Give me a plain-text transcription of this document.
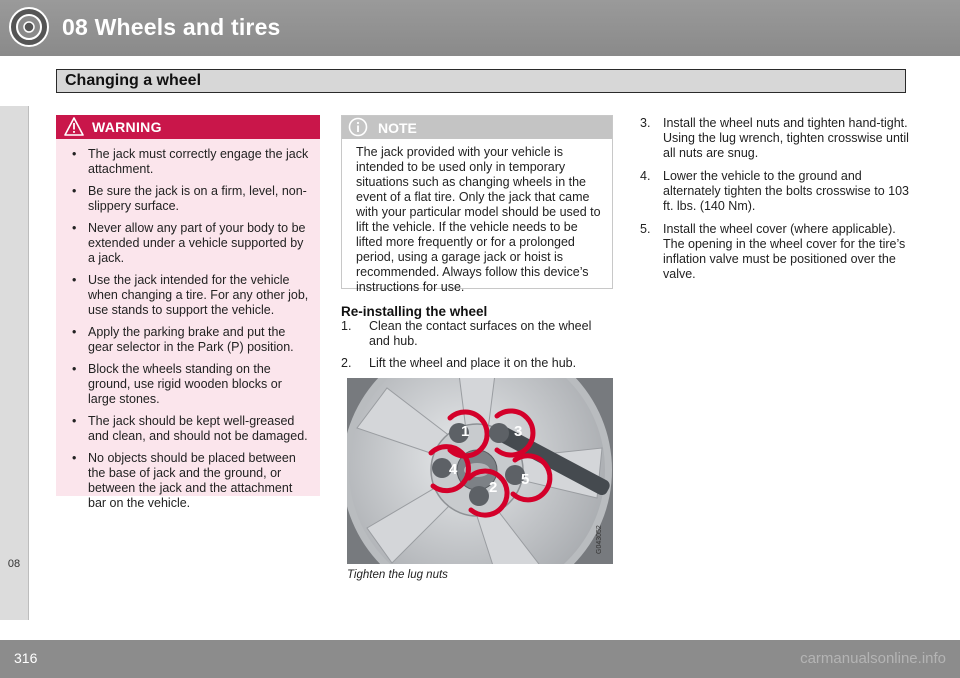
08 Wheels and tires
Changing a wheel
08
WARNING
• The jack must correctly engage the jack attachment.
• Be sure the jack is on a firm, level, non-slippery surface.
• Never allow any part of your body to be extended under a vehicle supported by a jack.
• Use the jack intended for the vehicle when changing a tire. For any other job, use stands to support the vehicle.
• Apply the parking brake and put the gear selector in the Park (P) position.
• Block the wheels standing on the ground, use rigid wooden blocks or large stones.
• The jack should be kept well-greased and clean, and should not be damaged.
• No objects should be placed between the base of jack and the ground, or between the jack and the attachment bar on the vehicle.
NOTE
The jack provided with your vehicle is intended to be used only in temporary situations such as changing wheels in the event of a flat tire. Only the jack that came with your particular model should be used to lift the vehicle. If the vehicle needs to be lifted more frequently or for a prolonged period, using a garage jack or hoist is recommended. Always follow this device’s instructions for use.
Re-installing the wheel
1. Clean the contact surfaces on the wheel and hub.
2. Lift the wheel and place it on the hub.
1
2
3
4
5
G043052
Tighten the lug nuts
3. Install the wheel nuts and tighten hand-tight. Using the lug wrench, tighten crosswise until all nuts are snug.
4. Lower the vehicle to the ground and alternately tighten the bolts crosswise to 103 ft. lbs. (140 Nm).
5. Install the wheel cover (where applicable). The opening in the wheel cover for the tire’s inflation valve must be positioned over the valve.
316	carmanualsonline.info
